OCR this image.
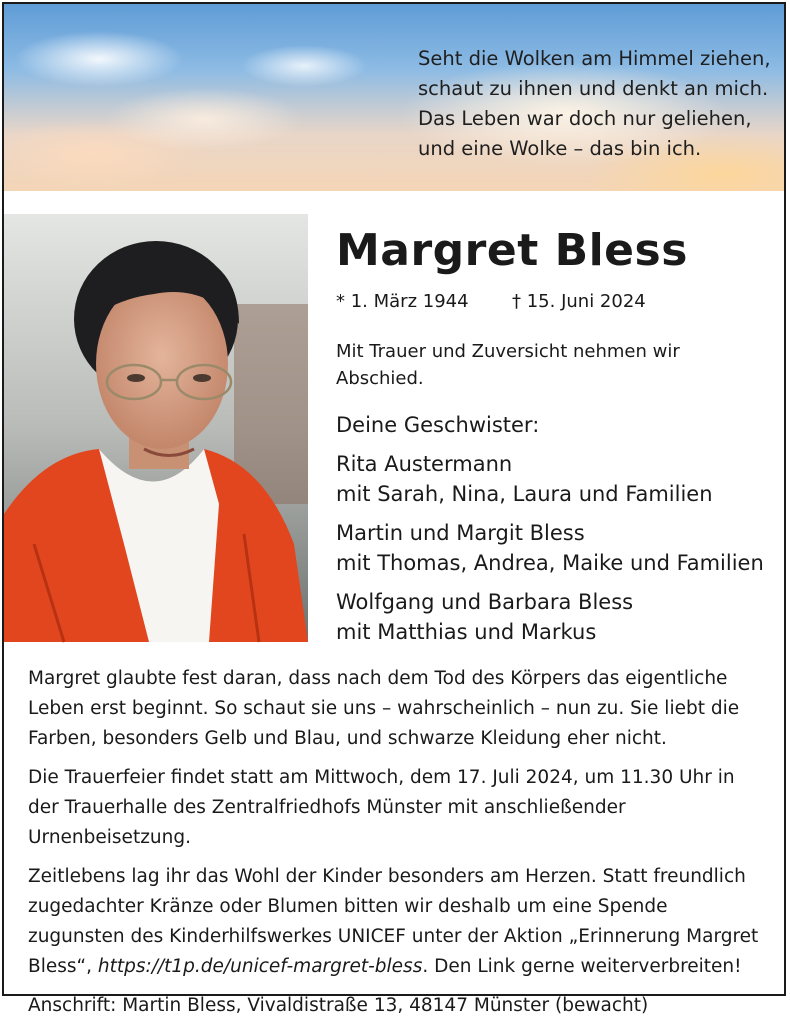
Seht die Wolken am Himmel ziehen,
schaut zu ihnen und denkt an mich.
Das Leben war doch nur geliehen,
und eine Wolke – das bin ich.
Margret Bless
* 1. März 1944 † 15. Juni 2024
Mit Trauer und Zuversicht nehmen wir Abschied.
Deine Geschwister:
Rita Austermann
mit Sarah, Nina, Laura und Familien
Martin und Margit Bless
mit Thomas, Andrea, Maike und Familien
Wolfgang und Barbara Bless
mit Matthias und Markus

Margret glaubte fest daran, dass nach dem Tod des Körpers das eigentliche Leben erst beginnt. So schaut sie uns – wahrscheinlich – nun zu. Sie liebt die Farben, besonders Gelb und Blau, und schwarze Kleidung eher nicht.

Die Trauerfeier findet statt am Mittwoch, dem 17. Juli 2024, um 11.30 Uhr in der Trauerhalle des Zentralfriedhofs Münster mit anschließender Urnenbeisetzung.

Zeitlebens lag ihr das Wohl der Kinder besonders am Herzen. Statt freundlich zugedachter Kränze oder Blumen bitten wir deshalb um eine Spende zugunsten des Kinderhilfswerkes UNICEF unter der Aktion „Erinnerung Margret Bless“, https://t1p.de/unicef-margret-bless. Den Link gerne weiterverbreiten!

Anschrift: Martin Bless, Vivaldistraße 13, 48147 Münster (bewacht)
